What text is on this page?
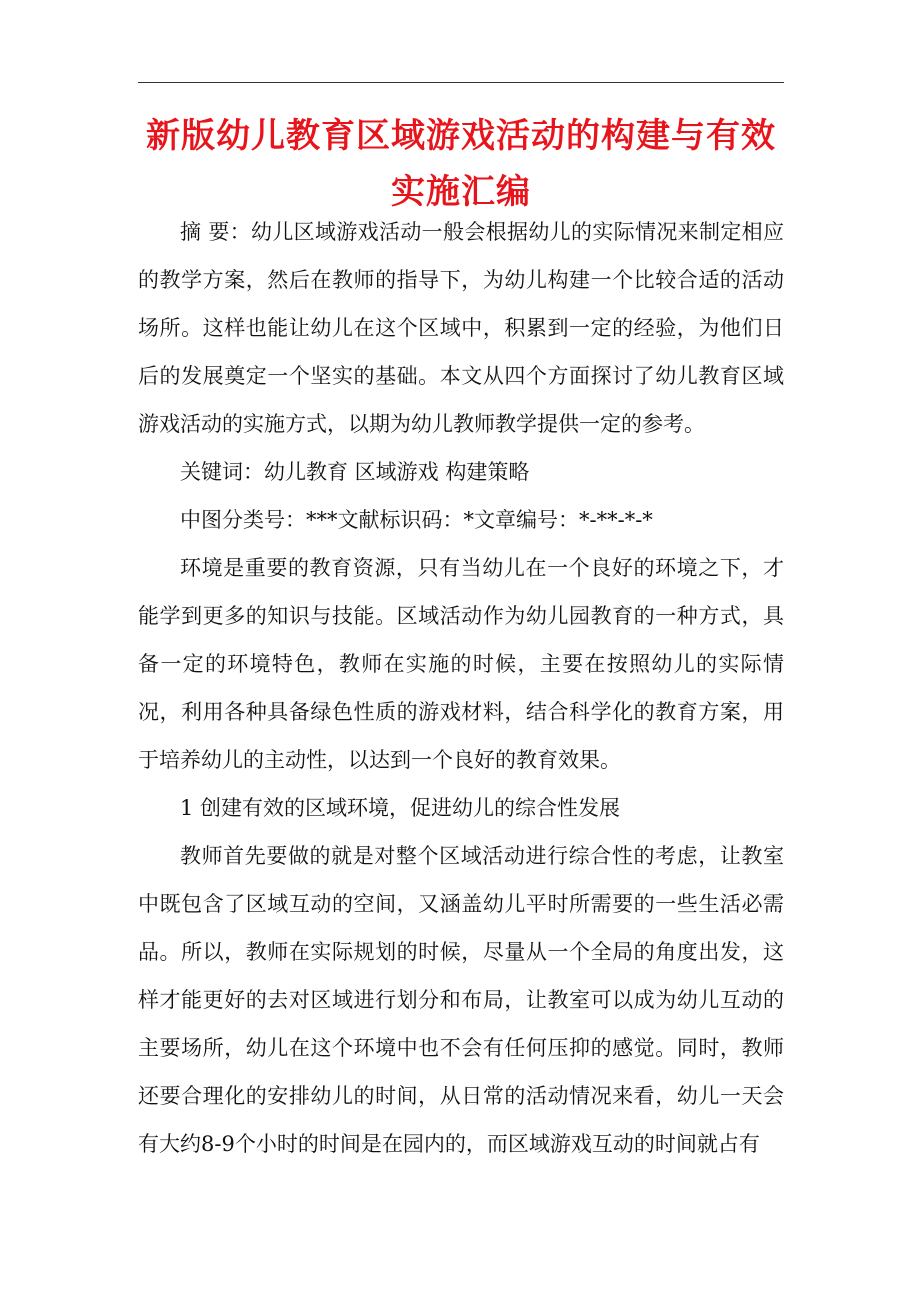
新版幼儿教育区域游戏活动的构建与有效
实施汇编

摘 要：幼儿区域游戏活动一般会根据幼儿的实际情况来制定相应的教学方案，然后在教师的指导下，为幼儿构建一个比较合适的活动场所。这样也能让幼儿在这个区域中，积累到一定的经验，为他们日后的发展奠定一个坚实的基础。本文从四个方面探讨了幼儿教育区域游戏活动的实施方式，以期为幼儿教师教学提供一定的参考。

关键词：幼儿教育 区域游戏 构建策略

中图分类号：***文献标识码：*文章编号：*-**-*-*

环境是重要的教育资源，只有当幼儿在一个良好的环境之下，才能学到更多的知识与技能。区域活动作为幼儿园教育的一种方式，具备一定的环境特色，教师在实施的时候，主要在按照幼儿的实际情况，利用各种具备绿色性质的游戏材料，结合科学化的教育方案，用于培养幼儿的主动性，以达到一个良好的教育效果。

1 创建有效的区域环境，促进幼儿的综合性发展

教师首先要做的就是对整个区域活动进行综合性的考虑，让教室中既包含了区域互动的空间，又涵盖幼儿平时所需要的一些生活必需品。所以，教师在实际规划的时候，尽量从一个全局的角度出发，这样才能更好的去对区域进行划分和布局，让教室可以成为幼儿互动的主要场所，幼儿在这个环境中也不会有任何压抑的感觉。同时，教师还要合理化的安排幼儿的时间，从日常的活动情况来看，幼儿一天会有大约8-9个小时的时间是在园内的，而区域游戏互动的时间就占有
